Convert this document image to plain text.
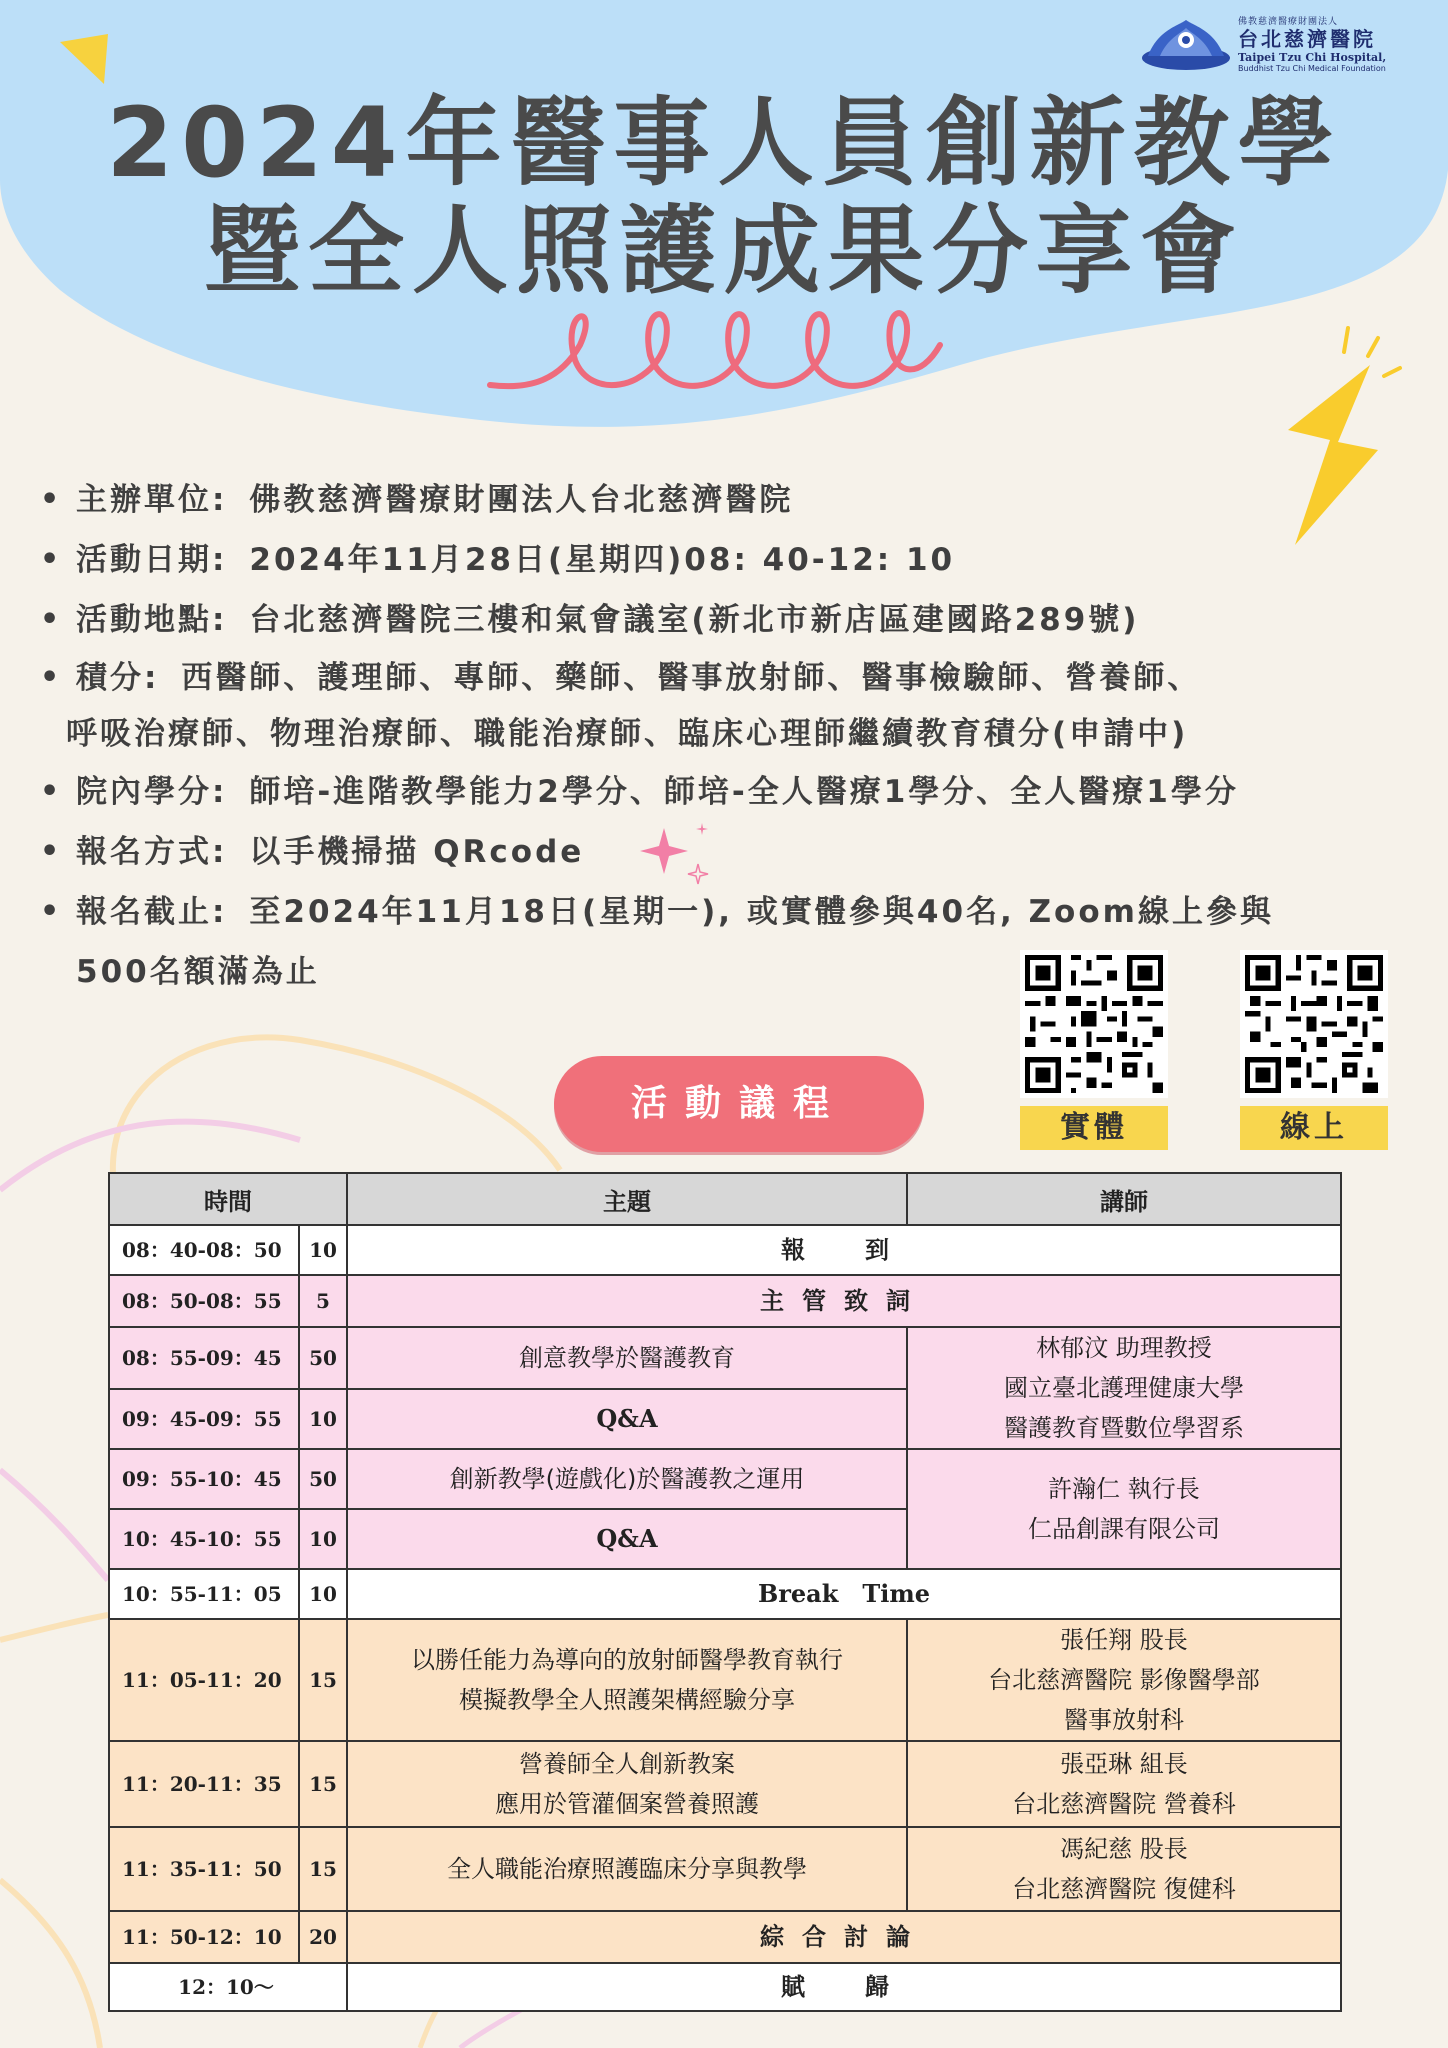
佛教慈濟醫療財團法人
台北慈濟醫院
Taipei Tzu Chi Hospital,
Buddhist Tzu Chi Medical Foundation
2024年醫事人員創新教學
暨全人照護成果分享會
• 主辦單位: 佛教慈濟醫療財團法人台北慈濟醫院
• 活動日期: 2024年11月28日(星期四)08: 40-12: 10
• 活動地點: 台北慈濟醫院三樓和氣會議室(新北市新店區建國路289號)
• 積分: 西醫師、護理師、專師、藥師、醫事放射師、醫事檢驗師、營養師、
呼吸治療師、物理治療師、職能治療師、臨床心理師繼續教育積分(申請中)
• 院內學分: 師培-進階教學能力2學分、師培-全人醫療1學分、全人醫療1學分
• 報名方式: 以手機掃描 QRcode
• 報名截止: 至2024年11月18日(星期一), 或實體參與40名, Zoom線上參與
500名額滿為止
實體	線上
活動議程
時間		主題	講師
08：40-08：50	10	報　到	
08：50-08：55	5	主管致詞	
08：55-09：45	50	創意教學於醫護教育	林郁汶 助理教授
國立臺北護理健康大學
醫護教育暨數位學習系
09：45-09：55	10	Q&A	
09：55-10：45	50	創新教學(遊戲化)於醫護教之運用	許瀚仁 執行長
仁品創課有限公司
10：45-10：55	10	Q&A	
10：55-11：05	10	Break　Time	
11：05-11：20	15	以勝任能力為導向的放射師醫學教育執行
模擬教學全人照護架構經驗分享	張任翔 股長
台北慈濟醫院 影像醫學部
醫事放射科
11：20-11：35	15	營養師全人創新教案
應用於管灌個案營養照護	張亞琳 組長
台北慈濟醫院 營養科
11：35-11：50	15	全人職能治療照護臨床分享與教學	馮紀慈 股長
台北慈濟醫院 復健科
11：50-12：10	20	綜合討論	
12：10～		賦　歸	
